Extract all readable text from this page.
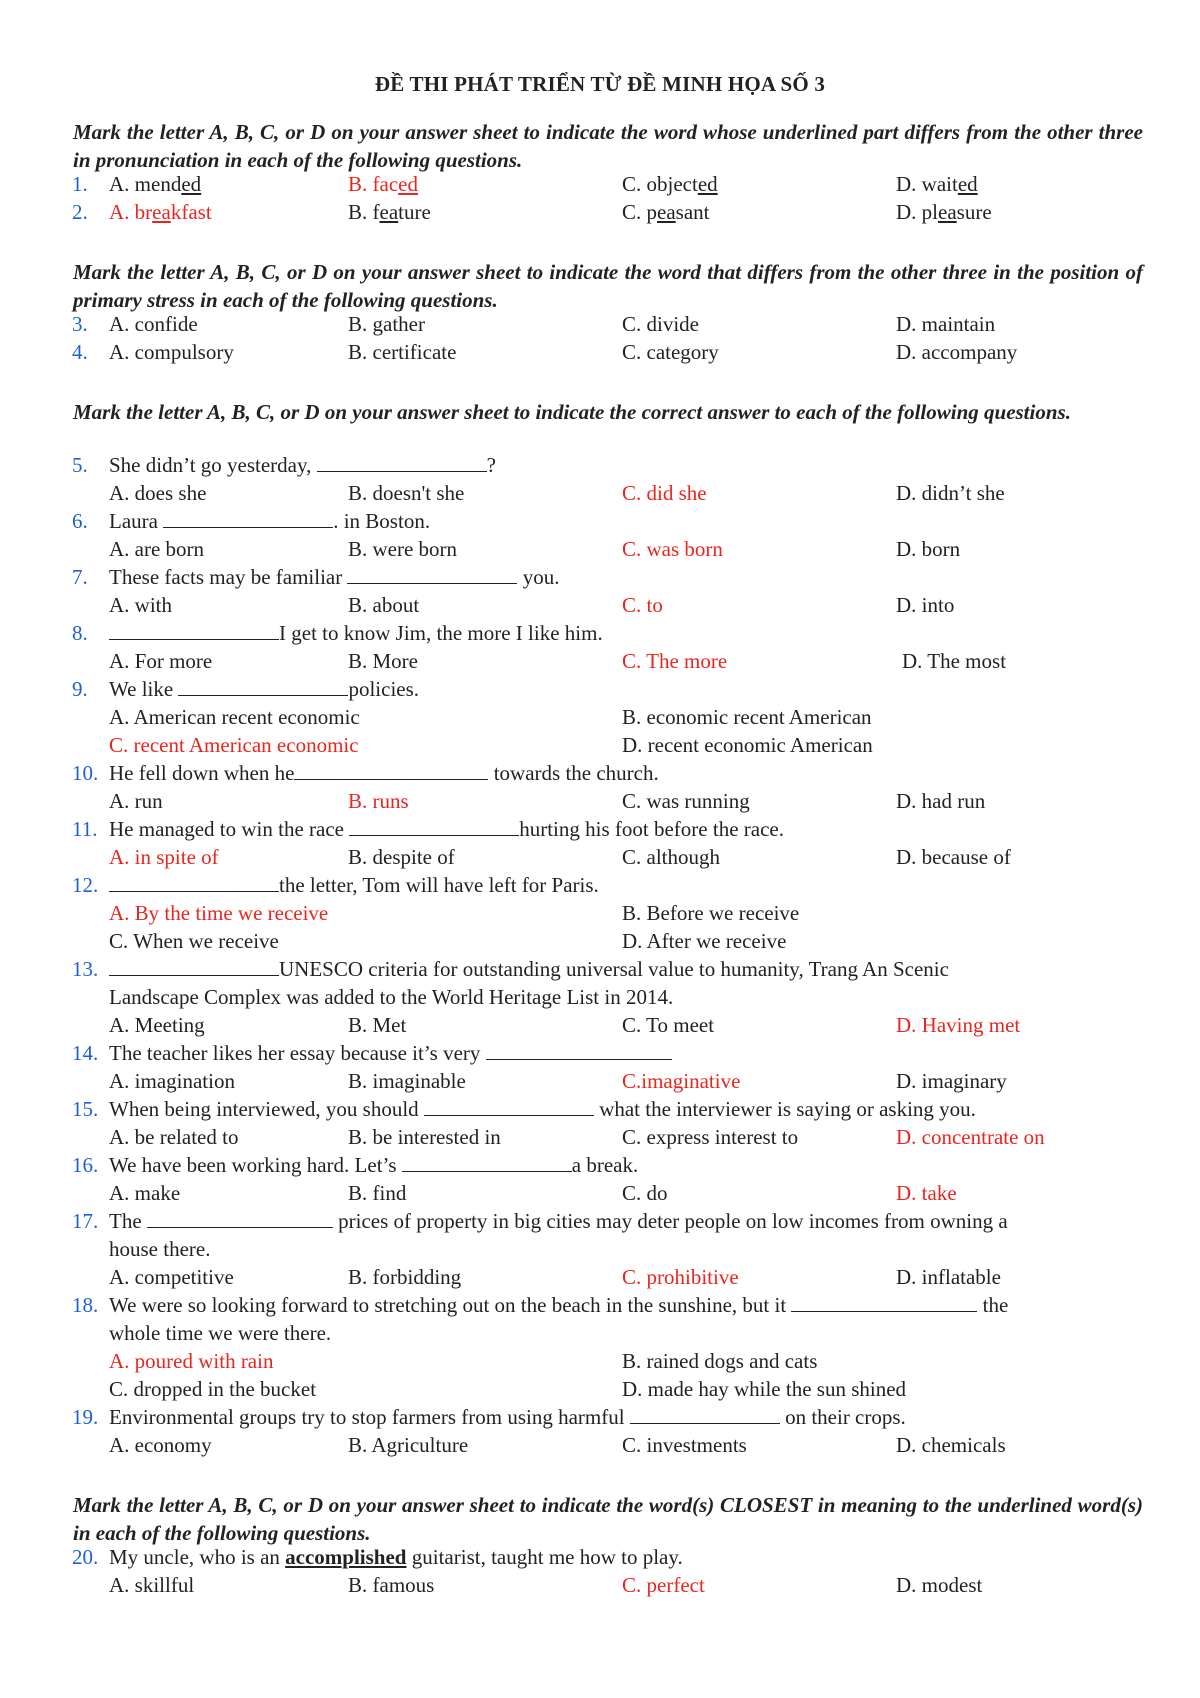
ĐỀ THI PHÁT TRIỂN TỪ ĐỀ MINH HỌA SỐ 3
Mark the letter A, B, C, or D on your answer sheet to indicate the word whose underlined part differs from the other three in pronunciation in each of the following questions.
1. A. mended	B. faced	C. objected	D. waited
2. A. breakfast	B. feature	C. peasant	D. pleasure
Mark the letter A, B, C, or D on your answer sheet to indicate the word that differs from the other three in the position of primary stress in each of the following questions.
3. A. confide	B. gather	C. divide	D. maintain
4. A. compulsory	B. certificate	C. category	D. accompany
Mark the letter A, B, C, or D on your answer sheet to indicate the correct answer to each of the following questions.
5. She didn’t go yesterday,	?
A. does she	B. doesn't she	C. did she	D. didn’t she
6. Laura	. in Boston.
A. are born	B. were born	C. was born	D. born
7. These facts may be familiar	you.
A. with	B. about	C. to	D. into
8.	I get to know Jim, the more I like him.
A. For more	B. More	C. The more	D. The most
9. We like	policies.
A. American recent economic	B. economic recent American
C. recent American economic	D. recent economic American
10. He fell down when he	towards the church.
A. run	B. runs	C. was running	D. had run
11. He managed to win the race	hurting his foot before the race.
A. in spite of	B. despite of	C. although	D. because of
12.	the letter, Tom will have left for Paris.
A. By the time we receive	B. Before we receive
C. When we receive	D. After we receive
13.	UNESCO criteria for outstanding universal value to humanity, Trang An Scenic
Landscape Complex was added to the World Heritage List in 2014.
A. Meeting	B. Met	C. To meet	D. Having met
14. The teacher likes her essay because it’s very
A. imagination	B. imaginable	C.imaginative	D. imaginary
15. When being interviewed, you should	what the interviewer is saying or asking you.
A. be related to	B. be interested in	C. express interest to	D. concentrate on
16. We have been working hard. Let’s	a break.
A. make	B. find	C. do	D. take
17. The	prices of property in big cities may deter people on low incomes from owning a
house there.
A. competitive	B. forbidding	C. prohibitive	D. inflatable
18. We were so looking forward to stretching out on the beach in the sunshine, but it	the
whole time we were there.
A. poured with rain	B. rained dogs and cats
C. dropped in the bucket	D. made hay while the sun shined
19. Environmental groups try to stop farmers from using harmful	on their crops.
A. economy	B. Agriculture	C. investments	D. chemicals
Mark the letter A, B, C, or D on your answer sheet to indicate the word(s) CLOSEST in meaning to the underlined word(s) in each of the following questions.
20. My uncle, who is an accomplished guitarist, taught me how to play.
A. skillful	B. famous	C. perfect	D. modest
